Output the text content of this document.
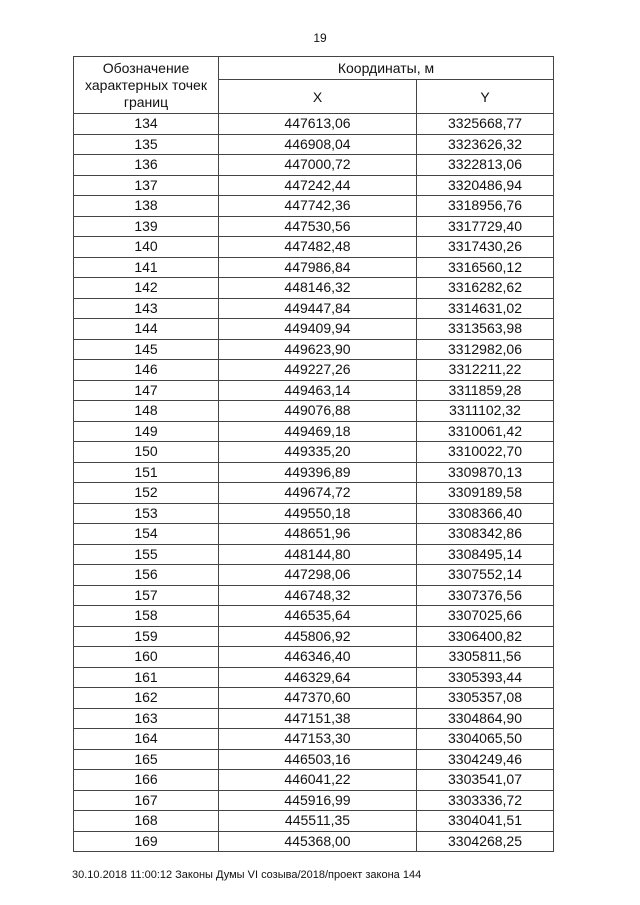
19
Обозначение характерных точек границ	Координаты, м	
	X	Y
134	447613,06	3325668,77
135	446908,04	3323626,32
136	447000,72	3322813,06
137	447242,44	3320486,94
138	447742,36	3318956,76
139	447530,56	3317729,40
140	447482,48	3317430,26
141	447986,84	3316560,12
142	448146,32	3316282,62
143	449447,84	3314631,02
144	449409,94	3313563,98
145	449623,90	3312982,06
146	449227,26	3312211,22
147	449463,14	3311859,28
148	449076,88	3311102,32
149	449469,18	3310061,42
150	449335,20	3310022,70
151	449396,89	3309870,13
152	449674,72	3309189,58
153	449550,18	3308366,40
154	448651,96	3308342,86
155	448144,80	3308495,14
156	447298,06	3307552,14
157	446748,32	3307376,56
158	446535,64	3307025,66
159	445806,92	3306400,82
160	446346,40	3305811,56
161	446329,64	3305393,44
162	447370,60	3305357,08
163	447151,38	3304864,90
164	447153,30	3304065,50
165	446503,16	3304249,46
166	446041,22	3303541,07
167	445916,99	3303336,72
168	445511,35	3304041,51
169	445368,00	3304268,25
30.10.2018 11:00:12 Законы Думы VI созыва/2018/проект закона 144
